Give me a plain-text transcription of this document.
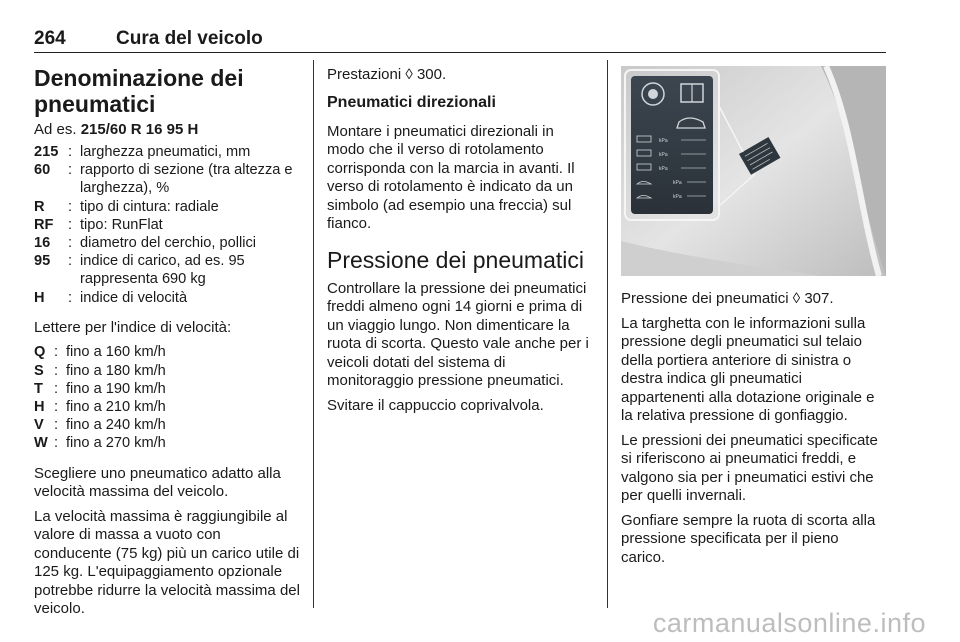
264	Cura del veicolo
Denominazione dei pneumatici

Ad es. 215/60 R 16 95 H

215 : larghezza pneumatici, mm
60	: rapporto di sezione (tra altezza e larghezza), %
R	: tipo di cintura: radiale
RF : tipo: RunFlat
16	: diametro del cerchio, pollici
95	: indice di carico, ad es. 95 rappresenta 690 kg
H	: indice di velocità

Lettere per l'indice di velocità:

Q : fino a 160 km/h
S : fino a 180 km/h
T : fino a 190 km/h
H : fino a 210 km/h
V : fino a 240 km/h
W : fino a 270 km/h

Scegliere uno pneumatico adatto alla velocità massima del veicolo.

La velocità massima è raggiungibile al valore di massa a vuoto con conducente (75 kg) più un carico utile di 125 kg. L'equipaggiamento opzionale potrebbe ridurre la velocità massima del veicolo.

Prestazioni ◊ 300.

Pneumatici direzionali

Montare i pneumatici direzionali in modo che il verso di rotolamento corrisponda con la marcia in avanti. Il verso di rotolamento è indicato da un simbolo (ad esempio una freccia) sul fianco.

Pressione dei pneumatici

Controllare la pressione dei pneumatici freddi almeno ogni 14 giorni e prima di un viaggio lungo. Non dimenticare la ruota di scorta. Questo vale anche per i veicoli dotati del sistema di monitoraggio pressione pneumatici.

Svitare il cappuccio coprivalvola.

kPa
kPa
kPa
kPa
kPa

Pressione dei pneumatici ◊ 307.

La targhetta con le informazioni sulla pressione degli pneumatici sul telaio della portiera anteriore di sinistra o destra indica gli pneumatici appartenenti alla dotazione originale e la relativa pressione di gonfiaggio.

Le pressioni dei pneumatici specificate si riferiscono ai pneumatici freddi, e valgono sia per i pneumatici estivi che per quelli invernali.

Gonfiare sempre la ruota di scorta alla pressione specificata per il pieno carico.

carmanualsonline.info
